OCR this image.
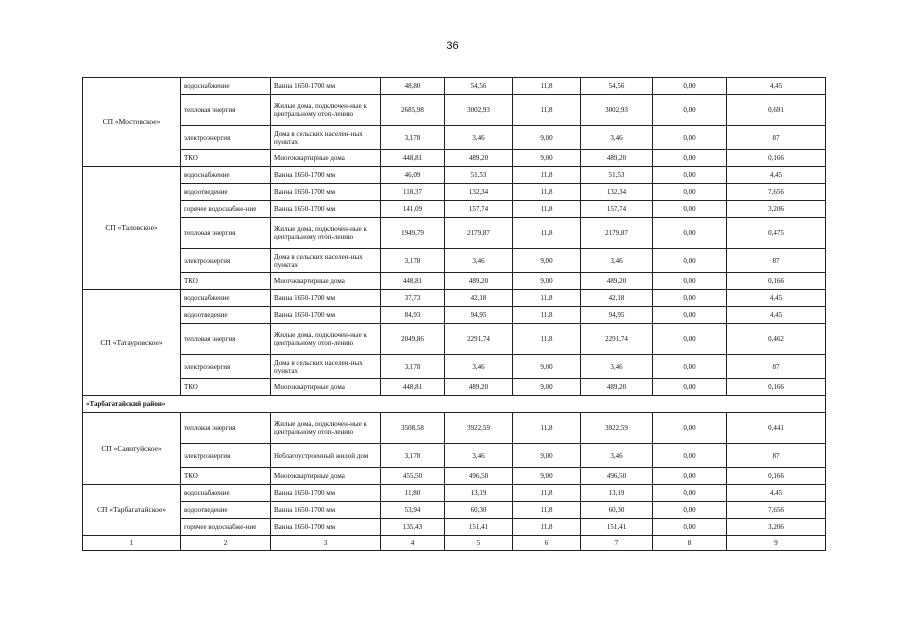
36
СП «Мостовское»	водоснабжение	Ванна 1650-1700 мм	48,80	54,56	11,8	54,56	0,00	4,45
	тепловая энергия	Жилые дома, подключен-ные к центральному отоп-лению	2685,98	3002,93	11,8	3002,93	0,00	0,691
	электроэнергия	Дома в сельских населен-ных пунктах	3,178	3,46	9,00	3,46	0,00	87
	ТКО	Многоквартирные дома	448,81	489,20	9,00	489,20	0,00	0,166
СП «Таловское»	водоснабжение	Ванна 1650-1700 мм	46,09	51,53	11,8	51,53	0,00	4,45
	водоотведение	Ванна 1650-1700 мм	118,37	132,34	11,8	132,34	0,00	7,656
	горячее водоснабже-ние	Ванна 1650-1700 мм	141,09	157,74	11,8	157,74	0,00	3,206
	тепловая энергия	Жилые дома, подключен-ные к центральному отоп-лению	1949,79	2179,87	11,8	2179,87	0,00	0,475
	электроэнергия	Дома в сельских населен-ных пунктах	3,178	3,46	9,00	3,46	0,00	87
	ТКО	Многоквартирные дома	448,81	489,20	9,00	489,20	0,00	0,166
СП «Татауровское»	водоснабжение	Ванна 1650-1700 мм	37,73	42,18	11,8	42,18	0,00	4,45
	водоотведение	Ванна 1650-1700 мм	84,93	94,95	11,8	94,95	0,00	4,45
	тепловая энергия	Жилые дома, подключен-ные к центральному отоп-лению	2049,86	2291,74	11,8	2291,74	0,00	0,462
	электроэнергия	Дома в сельских населен-ных пунктах	3,178	3,46	9,00	3,46	0,00	87
	ТКО	Многоквартирные дома	448,81	489,20	9,00	489,20	0,00	0,166
«Тарбагатайский район»								
СП «Саянтуйское»	тепловая энергия	Жилые дома, подключен-ные к центральному отоп-лению	3508,58	3922,59	11,8	3922,59	0,00	0,441
	электроэнергия	Неблагоустроенный жилой дом	3,178	3,46	9,00	3,46	0,00	87
	ТКО	Многоквартирные дома	455,50	496,50	9,00	496,50	0,00	0,166
СП «Тарбагатайское»	водоснабжение	Ванна 1650-1700 мм	11,80	13,19	11,8	13,19	0,00	4,45
	водоотведение	Ванна 1650-1700 мм	53,94	60,30	11,8	60,30	0,00	7,656
	горячее водоснабже-ние	Ванна 1650-1700 мм	135,43	151,41	11,8	151,41	0,00	3,206
1	2	3	4	5	6	7	8	9
